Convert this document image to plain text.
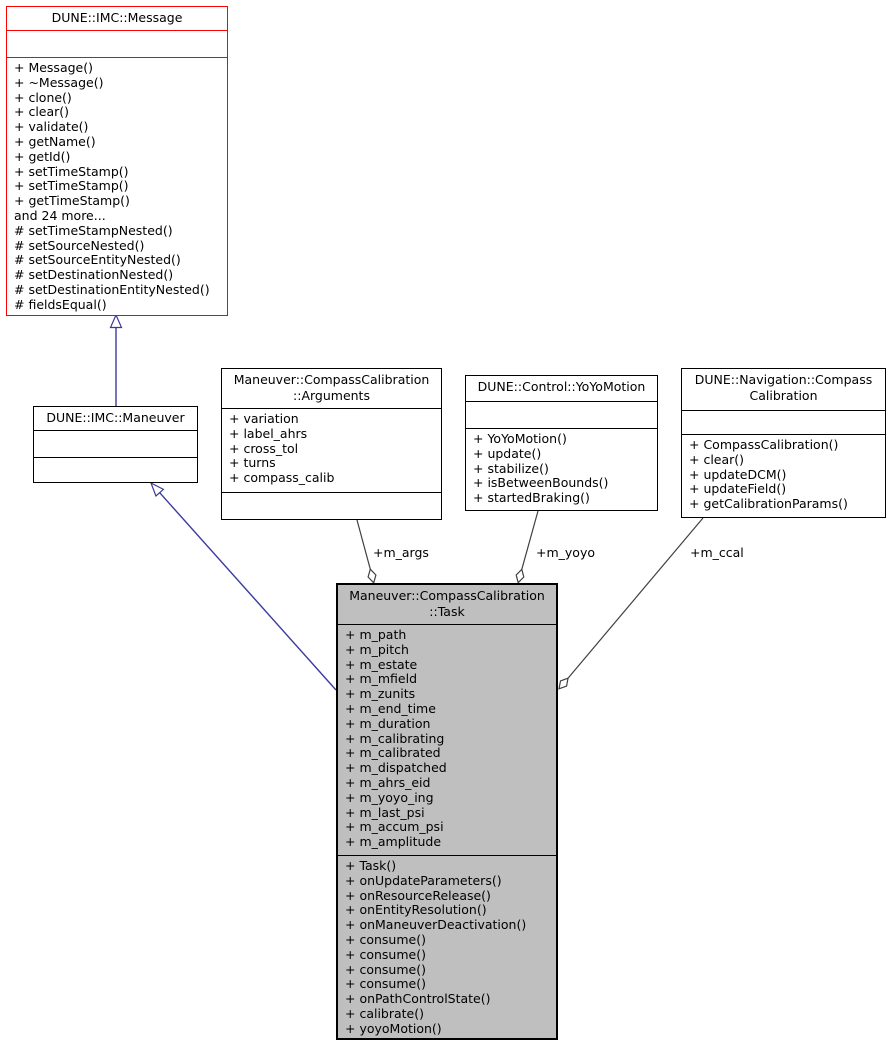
+m_args	+m_yoyo	+m_ccal
DUNE::IMC::Message
+ Message()
+ ~Message()
+ clone()
+ clear()
+ validate()
+ getName()
+ getId()
+ setTimeStamp()
+ setTimeStamp()
+ getTimeStamp()
and 24 more...
# setTimeStampNested()
# setSourceNested()
# setSourceEntityNested()
# setDestinationNested()
# setDestinationEntityNested()
# fieldsEqual()
DUNE::IMC::Maneuver
Maneuver::CompassCalibration
::Arguments
+ variation
+ label_ahrs
+ cross_tol
+ turns
+ compass_calib
DUNE::Control::YoYoMotion
+ YoYoMotion()
+ update()
+ stabilize()
+ isBetweenBounds()
+ startedBraking()
DUNE::Navigation::Compass
Calibration
+ CompassCalibration()
+ clear()
+ updateDCM()
+ updateField()
+ getCalibrationParams()
Maneuver::CompassCalibration
::Task
+ m_path
+ m_pitch
+ m_estate
+ m_mfield
+ m_zunits
+ m_end_time
+ m_duration
+ m_calibrating
+ m_calibrated
+ m_dispatched
+ m_ahrs_eid
+ m_yoyo_ing
+ m_last_psi
+ m_accum_psi
+ m_amplitude
+ Task()
+ onUpdateParameters()
+ onResourceRelease()
+ onEntityResolution()
+ onManeuverDeactivation()
+ consume()
+ consume()
+ consume()
+ consume()
+ onPathControlState()
+ calibrate()
+ yoyoMotion()
